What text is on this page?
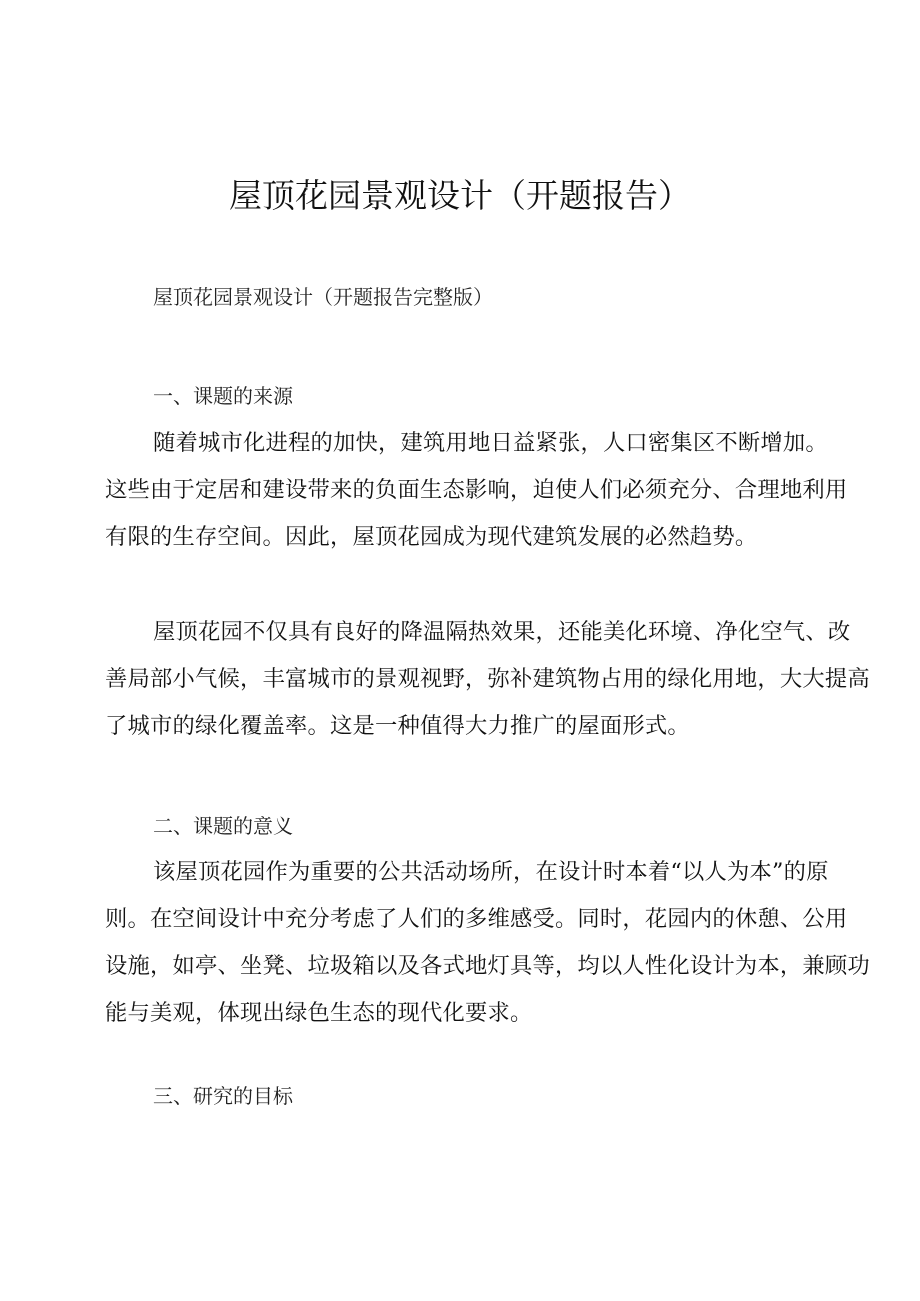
屋顶花园景观设计（开题报告）

屋顶花园景观设计（开题报告完整版）

一、课题的来源
随着城市化进程的加快，建筑用地日益紧张，人口密集区不断增加。
这些由于定居和建设带来的负面生态影响，迫使人们必须充分、合理地利用
有限的生存空间。因此，屋顶花园成为现代建筑发展的必然趋势。
屋顶花园不仅具有良好的降温隔热效果，还能美化环境、净化空气、改
善局部小气候，丰富城市的景观视野，弥补建筑物占用的绿化用地，大大提高
了城市的绿化覆盖率。这是一种值得大力推广的屋面形式。
二、课题的意义
该屋顶花园作为重要的公共活动场所，在设计时本着“以人为本”的原
则。在空间设计中充分考虑了人们的多维感受。同时，花园内的休憩、公用
设施，如亭、坐凳、垃圾箱以及各式地灯具等，均以人性化设计为本，兼顾功
能与美观，体现出绿色生态的现代化要求。
三、研究的目标
